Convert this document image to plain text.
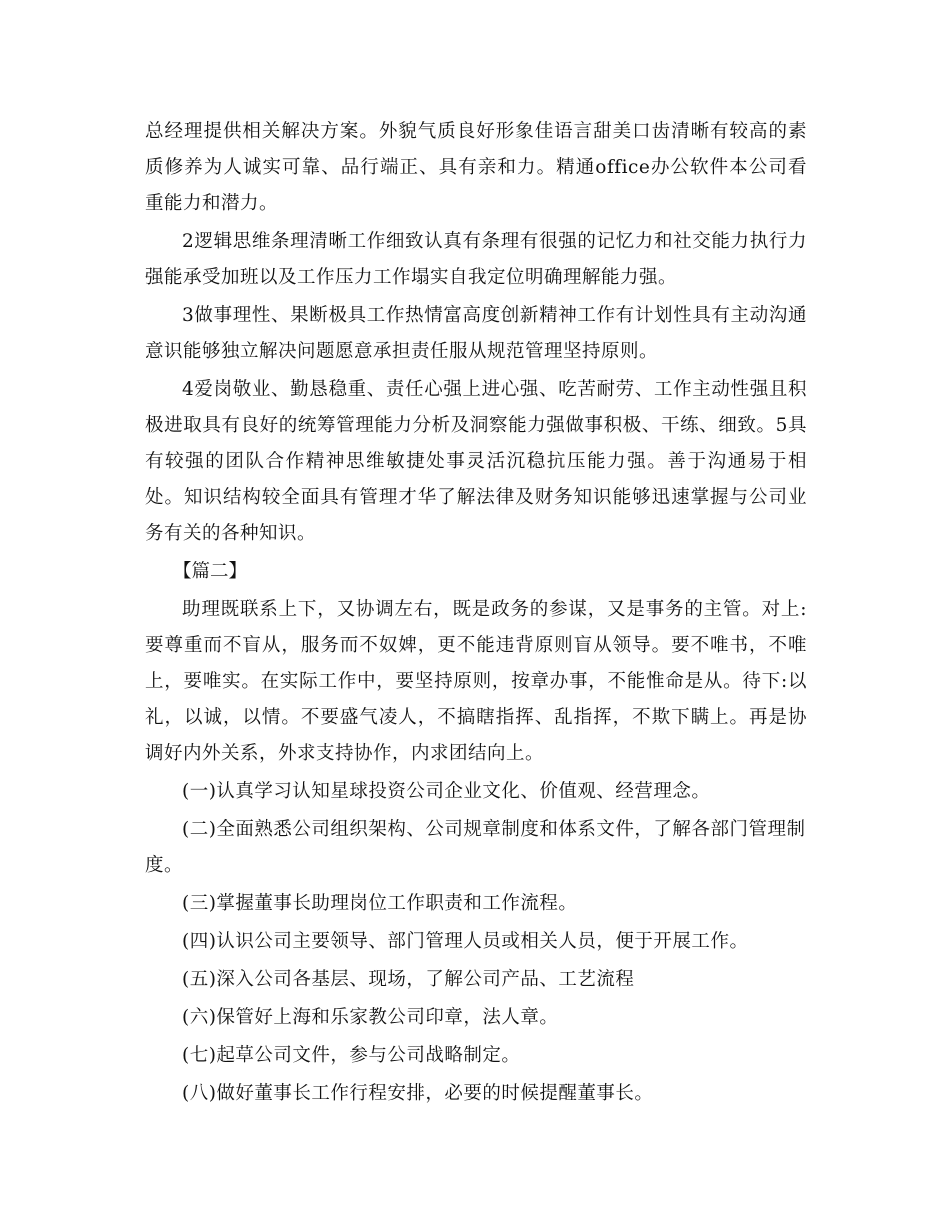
总经理提供相关解决方案。外貌气质良好形象佳语言甜美口齿清晰有较高的素质修养为人诚实可靠、品行端正、具有亲和力。精通office办公软件本公司看重能力和潜力。

2逻辑思维条理清晰工作细致认真有条理有很强的记忆力和社交能力执行力强能承受加班以及工作压力工作塌实自我定位明确理解能力强。

3做事理性、果断极具工作热情富高度创新精神工作有计划性具有主动沟通意识能够独立解决问题愿意承担责任服从规范管理坚持原则。

4爱岗敬业、勤恳稳重、责任心强上进心强、吃苦耐劳、工作主动性强且积极进取具有良好的统筹管理能力分析及洞察能力强做事积极、干练、细致。5具有较强的团队合作精神思维敏捷处事灵活沉稳抗压能力强。善于沟通易于相处。知识结构较全面具有管理才华了解法律及财务知识能够迅速掌握与公司业务有关的各种知识。

【篇二】

助理既联系上下，又协调左右，既是政务的参谋，又是事务的主管。对上:要尊重而不盲从，服务而不奴婢，更不能违背原则盲从领导。要不唯书，不唯上，要唯实。在实际工作中，要坚持原则，按章办事，不能惟命是从。待下:以礼，以诚，以情。不要盛气凌人，不搞瞎指挥、乱指挥，不欺下瞒上。再是协调好内外关系，外求支持协作，内求团结向上。

(一)认真学习认知星球投资公司企业文化、价值观、经营理念。

(二)全面熟悉公司组织架构、公司规章制度和体系文件，了解各部门管理制度。

(三)掌握董事长助理岗位工作职责和工作流程。

(四)认识公司主要领导、部门管理人员或相关人员，便于开展工作。

(五)深入公司各基层、现场，了解公司产品、工艺流程

(六)保管好上海和乐家教公司印章，法人章。

(七)起草公司文件，参与公司战略制定。

(八)做好董事长工作行程安排，必要的时候提醒董事长。
